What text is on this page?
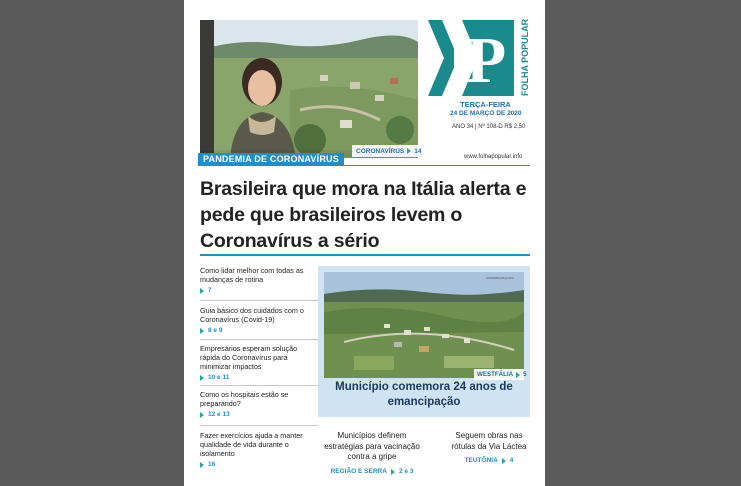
CORONAVÍRUS 14
PANDEMIA DE CORONAVÍRUS
P FOLHA POPULAR
TERÇA-FEIRA
24 DE MARÇO DE 2020
ANO 34 | Nº 108-D R$ 2,50
www.folhapopular.info
Brasileira que mora na Itália alerta e pede que brasileiros levem o Coronavírus a sério
Como lidar melhor com todas as mudanças de rotina
7
Guia básico dos cuidados com o Coronavírus (Covid-19)
8 e 9
Empresários esperam solução rápida do Coronavírus para minimizar impactos
10 e 11
Como os hospitais estão se preparando?
12 e 13
Fazer exercícios ajuda a manter qualidade de vida durante o isolamento
16
SMWEBE/ARQUIVO
WESTFÁLIA 5
Município comemora 24 anos de emancipação
Municípios definem estratégias para vacinação contra a gripe
REGIÃO E SERRA 2 e 3
Seguem obras nas rótulas da Via Láctea
TEUTÔNIA 4
